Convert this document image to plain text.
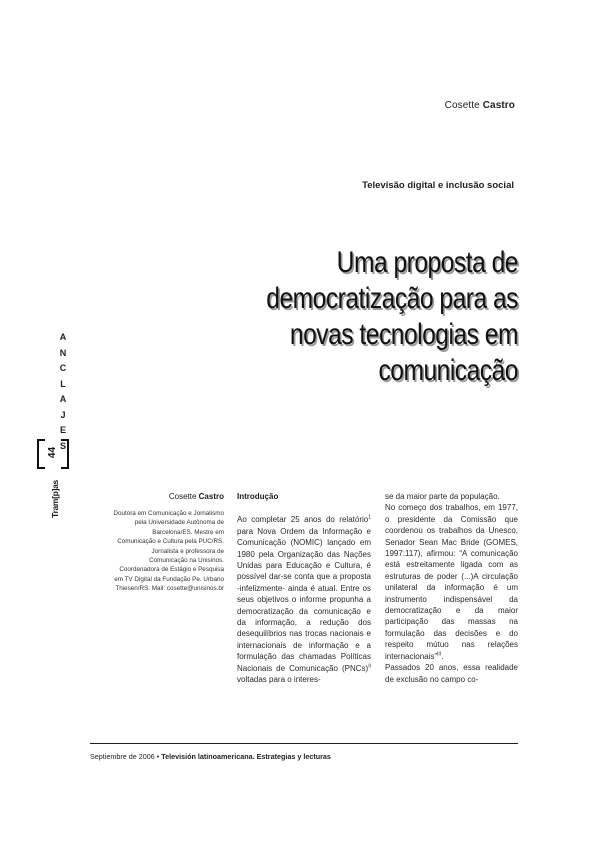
Cosette Castro
Televisão digital e inclusão social
Uma proposta de democratização para as
novas tecnologias em comunicação
A
N
C
L
A
J
E
S
44
Tram[p]as	Cosette Castro
Doutora em Comunicação e Jornalismo
pela Universidade Autônoma de
Barcelona/ES. Mestre em
Comunicação e Cultura pela PUC/RS.
Jornalista e professora de
Comunicação na Unisinos.
Coordenadora de Estágio e Pesquisa
em TV Digital da Fundação Pe. Urbano
Thiesen/RS. Mail: cosette@unisinos.br
Introdução

Ao completar 25 anos do relatório$^1$ para Nova Ordem da Informação e Comunicação (NOMIC) lançado em 1980 pela Organização das Nações Unidas para Educação e Cultura, é possível dar-se conta que a proposta -infelizmente- ainda é atual. Entre os seus objetivos o informe propunha a democratização da comunicação e da informação, a redução dos desequilíbrios nas trocas nacionais e internacionais de informação e a formulação das chamadas Políticas Nacionais de Comunicação (PNCs)$^{II}$ voltadas para o interes-

se da maior parte da população.

No começo dos trabalhos, em 1977, o presidente da Comissão que coordenou os trabalhos da Unesco, Senador Sean Mac Bride (GOMES, 1997:117), afirmou: “A comunicação está estreitamente ligada com as estruturas de poder (...)A circulação unilateral da informação é um instrumento indispensável da democratização e da maior participação das massas na formulação das decisões e do respeito mútuo nas relações internacionais”$^{III}$.

Passados 20 anos, essa realidade de exclusão no campo co-

Septiembre de 2006 • Televisión latinoamericana. Estrategias y lecturas
